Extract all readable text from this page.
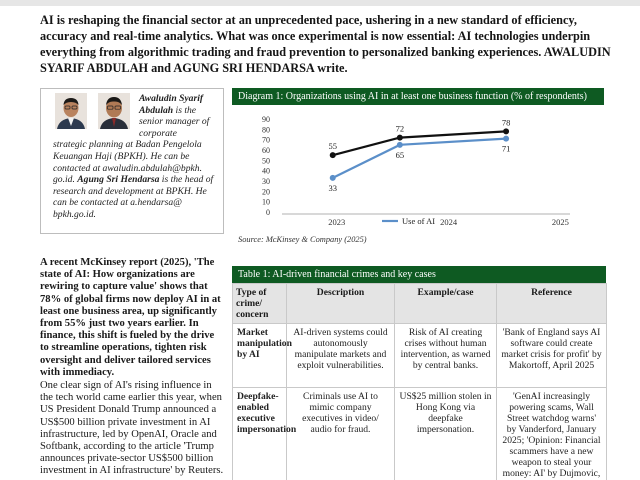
AI is reshaping the financial sector at an unprecedented pace, ushering in a new standard of efficiency, accuracy and real-time analytics. What was once experimental is now essential: AI technologies underpin everything from algorithmic trading and fraud prevention to personalized banking experiences. AWALUDIN SYARIF ABDULAH and AGUNG SRI HENDARSA write.

Awaludin Syarif Abdulah is the senior manager of corporate
strategic planning at Badan Pengelola Keuangan Haji (BPKH). He can be contacted at awaludin.abdulah@bpkh. go.id. Agung Sri Hendarsa is the head of research and development at BPKH. He can be contacted at a.hendarsa@ bpkh.go.id.

A recent McKinsey report (2025), 'The state of AI: How organizations are rewiring to capture value' shows that 78% of global firms now deploy AI in at least one business area, up significantly from 55% just two years earlier. In finance, this shift is fueled by the drive to streamline operations, tighten risk oversight and deliver tailored services with immediacy.

One clear sign of AI's rising influence in the tech world came earlier this year, when US President Donald Trump announced a US$500 billion private investment in AI infrastructure, led by OpenAI, Oracle and Softbank, according to the article 'Trump announces private-sector US$500 billion investment in AI infrastructure' by Reuters.

Diagram 1: Organizations using AI in at least one business function (% of respondents)
0
10
20
30
40
50
60
70
80
90
2023	2024	2025
55
72
78
33
65
71
Use of AI
Source: McKinsey & Company (2025)
Table 1: AI-driven financial crimes and key cases
Type of crime/ concern	Description	Example/case	Reference
Market manipulation by AI	AI-driven systems could autonomously manipulate markets and exploit vulnerabilities.	Risk of AI creating crises without human intervention, as warned by central banks.	'Bank of England says AI software could create market crisis for profit' by Makortoff, April 2025
Deepfake-enabled executive impersonation	Criminals use AI to mimic company executives in video/ audio for fraud.	US$25 million stolen in Hong Kong via deepfake impersonation.	'GenAI increasingly powering scams, Wall Street watchdog warns' by Vanderford, January 2025; 'Opinion: Financial scammers have a new weapon to steal your money: AI' by Dujmovic,
